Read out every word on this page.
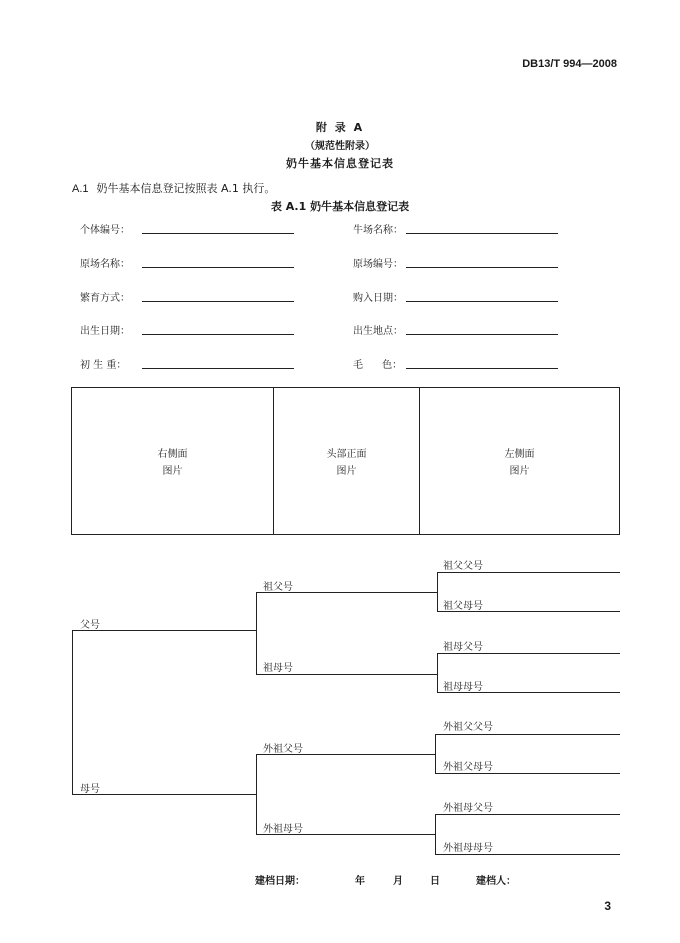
DB13/T 994—2008
附 录 A
（规范性附录）
奶牛基本信息登记表
A.1 奶牛基本信息登记按照表 A.1 执行。
表 A.1 奶牛基本信息登记表
个体编号：	牛场名称：
原场名称：	原场编号：
繁育方式：	购入日期：
出生日期：	出生地点：
初 生 重：	毛      色：
右侧面
图片
头部正面
图片
左侧面
图片
父号
母号
祖父号
祖母号
外祖父号
外祖母号
祖父父号
祖父母号
祖母父号
祖母母号
外祖父父号
外祖父母号
外祖母父号
外祖母母号
建档日期：	年	月	日	建档人：
3
